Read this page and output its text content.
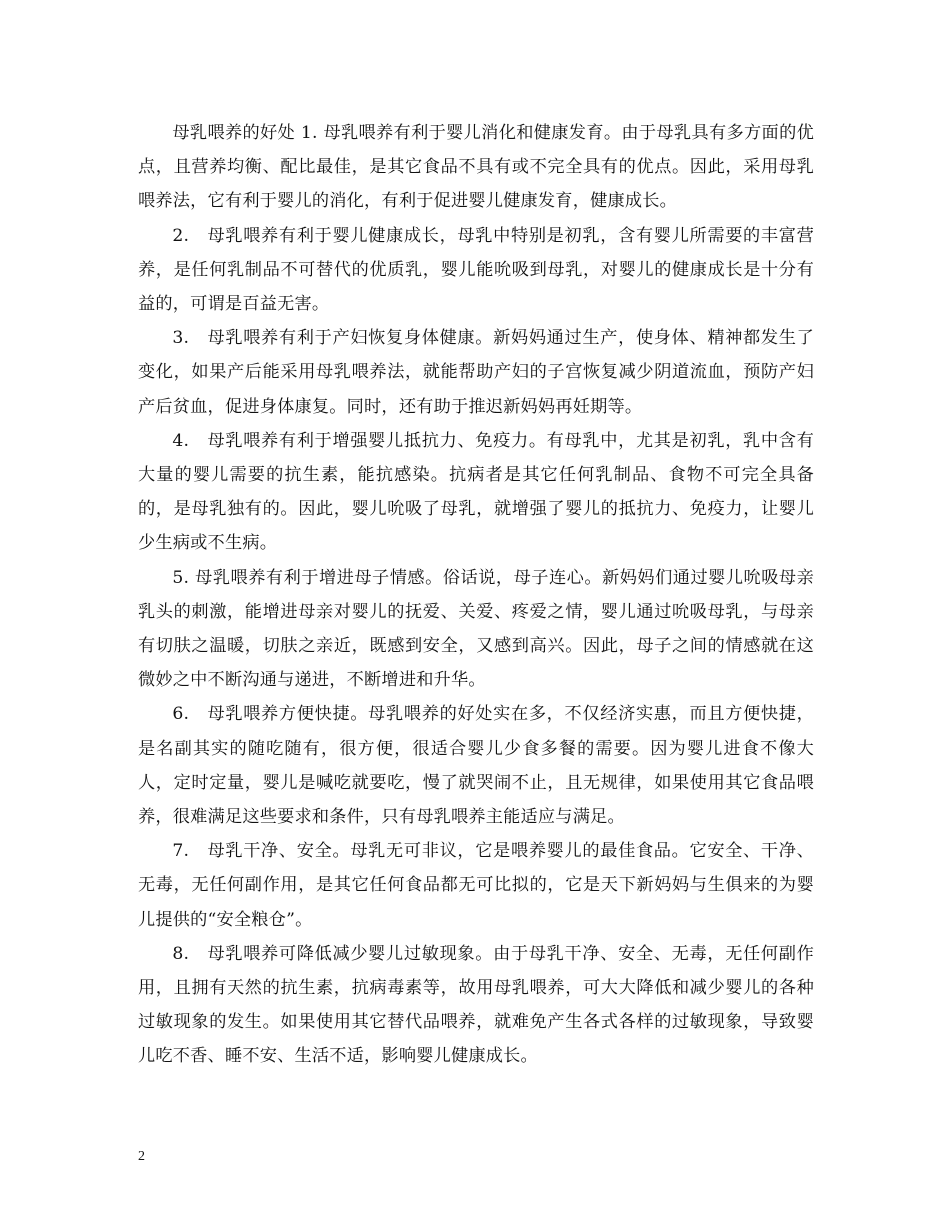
母乳喂养的好处 1. 母乳喂养有利于婴儿消化和健康发育。由于母乳具有多方面的优点，且营养均衡、配比最佳，是其它食品不具有或不完全具有的优点。因此，采用母乳喂养法，它有利于婴儿的消化，有利于促进婴儿健康发育，健康成长。

2.　母乳喂养有利于婴儿健康成长，母乳中特别是初乳，含有婴儿所需要的丰富营养，是任何乳制品不可替代的优质乳，婴儿能吮吸到母乳，对婴儿的健康成长是十分有益的，可谓是百益无害。

3.　母乳喂养有利于产妇恢复身体健康。新妈妈通过生产，使身体、精神都发生了变化，如果产后能采用母乳喂养法，就能帮助产妇的子宫恢复减少阴道流血，预防产妇产后贫血，促进身体康复。同时，还有助于推迟新妈妈再妊期等。

4.　母乳喂养有利于增强婴儿抵抗力、免疫力。有母乳中，尤其是初乳，乳中含有大量的婴儿需要的抗生素，能抗感染。抗病者是其它任何乳制品、食物不可完全具备的，是母乳独有的。因此，婴儿吮吸了母乳，就增强了婴儿的抵抗力、免疫力，让婴儿少生病或不生病。

5. 母乳喂养有利于增进母子情感。俗话说，母子连心。新妈妈们通过婴儿吮吸母亲乳头的刺激，能增进母亲对婴儿的抚爱、关爱、疼爱之情，婴儿通过吮吸母乳，与母亲有切肤之温暖，切肤之亲近，既感到安全，又感到高兴。因此，母子之间的情感就在这微妙之中不断沟通与递进，不断增进和升华。

6.　母乳喂养方便快捷。母乳喂养的好处实在多，不仅经济实惠，而且方便快捷，是名副其实的随吃随有，很方便，很适合婴儿少食多餐的需要。因为婴儿进食不像大人，定时定量，婴儿是喊吃就要吃，慢了就哭闹不止，且无规律，如果使用其它食品喂养，很难满足这些要求和条件，只有母乳喂养主能适应与满足。

7.　母乳干净、安全。母乳无可非议，它是喂养婴儿的最佳食品。它安全、干净、无毒，无任何副作用，是其它任何食品都无可比拟的，它是天下新妈妈与生俱来的为婴儿提供的“安全粮仓”。

8.　母乳喂养可降低减少婴儿过敏现象。由于母乳干净、安全、无毒，无任何副作用，且拥有天然的抗生素，抗病毒素等，故用母乳喂养，可大大降低和减少婴儿的各种过敏现象的发生。如果使用其它替代品喂养，就难免产生各式各样的过敏现象，导致婴儿吃不香、睡不安、生活不适，影响婴儿健康成长。

2
